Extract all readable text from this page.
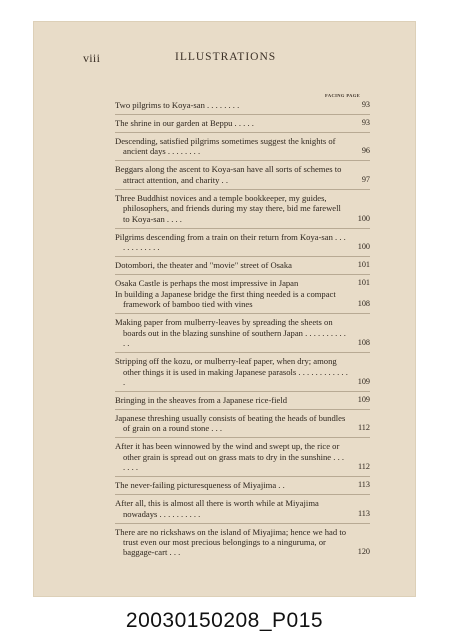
viii	ILLUSTRATIONS
FACING PAGE
Two pilgrims to Koya-san . . . . . . . .	93
The shrine in our garden at Beppu . . . . .	93
Descending, satisfied pilgrims sometimes suggest the knights of ancient days . . . . . . . .	96
Beggars along the ascent to Koya-san have all sorts of schemes to attract attention, and charity . .	97
Three Buddhist novices and a temple bookkeeper, my guides, philosophers, and friends during my stay there, bid me farewell to Koya-san . . . .	100
Pilgrims descending from a train on their return from Koya-san . . . . . . . . . . . .	100
Dotombori, the theater and "movie" street of Osaka	101
Osaka Castle is perhaps the most impressive in Japan	101
In building a Japanese bridge the first thing needed is a compact framework of bamboo tied with vines	108
Making paper from mulberry-leaves by spreading the sheets on boards out in the blazing sunshine of southern Japan . . . . . . . . . . . .	108
Stripping off the kozu, or mulberry-leaf paper, when dry; among other things it is used in making Japanese parasols . . . . . . . . . . . . .	109
Bringing in the sheaves from a Japanese rice-field	109
Japanese threshing usually consists of beating the heads of bundles of grain on a round stone . . .	112
After it has been winnowed by the wind and swept up, the rice or other grain is spread out on grass mats to dry in the sunshine . . . . . . .	112
The never-failing picturesqueness of Miyajima . .	113
After all, this is almost all there is worth while at Miyajima nowadays . . . . . . . . . .	113
There are no rickshaws on the island of Miyajima; hence we had to trust even our most precious belongings to a ninguruma, or baggage-cart . . .	120
20030150208_P015
